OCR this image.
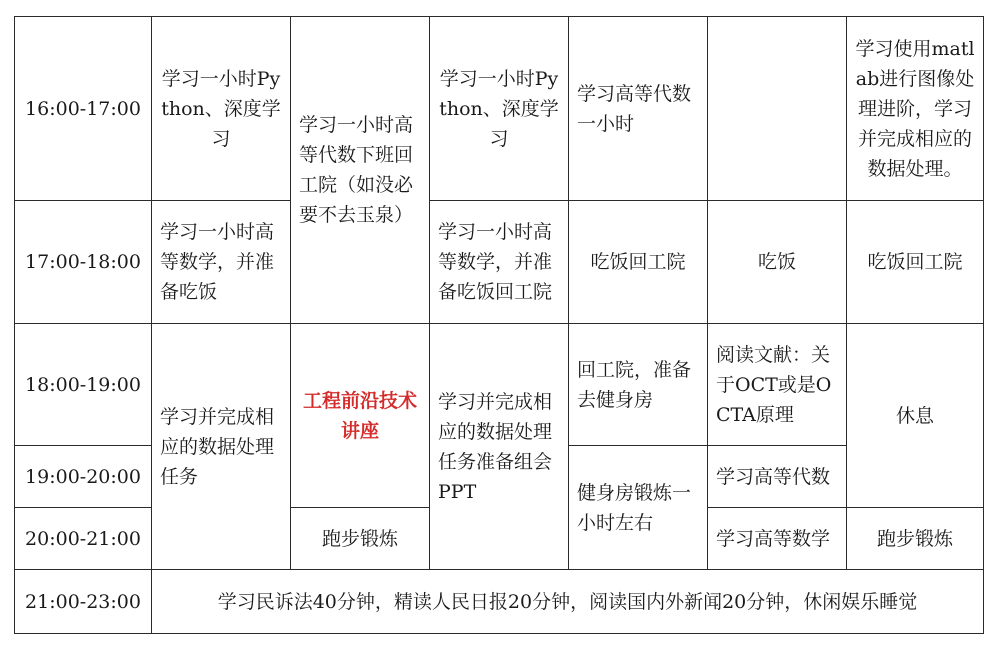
16:00-17:00	学习一小时Python、深度学习	学习一小时高等代数下班回工院（如没必要不去玉泉）	学习一小时Python、深度学习	学习高等代数一小时		学习使用matlab进行图像处理进阶，学习并完成相应的数据处理。
17:00-18:00	学习一小时高等数学，并准备吃饭		学习一小时高等数学，并准备吃饭回工院	吃饭回工院	吃饭	吃饭回工院
18:00-19:00	学习并完成相应的数据处理任务	工程前沿技术讲座	学习并完成相应的数据处理任务准备组会PPT	回工院，准备去健身房	阅读文献：关于OCT或是OCTA原理	休息
19:00-20:00				健身房锻炼一小时左右	学习高等代数	
20:00-21:00		跑步锻炼			学习高等数学	跑步锻炼
21:00-23:00	学习民诉法40分钟，精读人民日报20分钟，阅读国内外新闻20分钟，休闲娱乐睡觉					
